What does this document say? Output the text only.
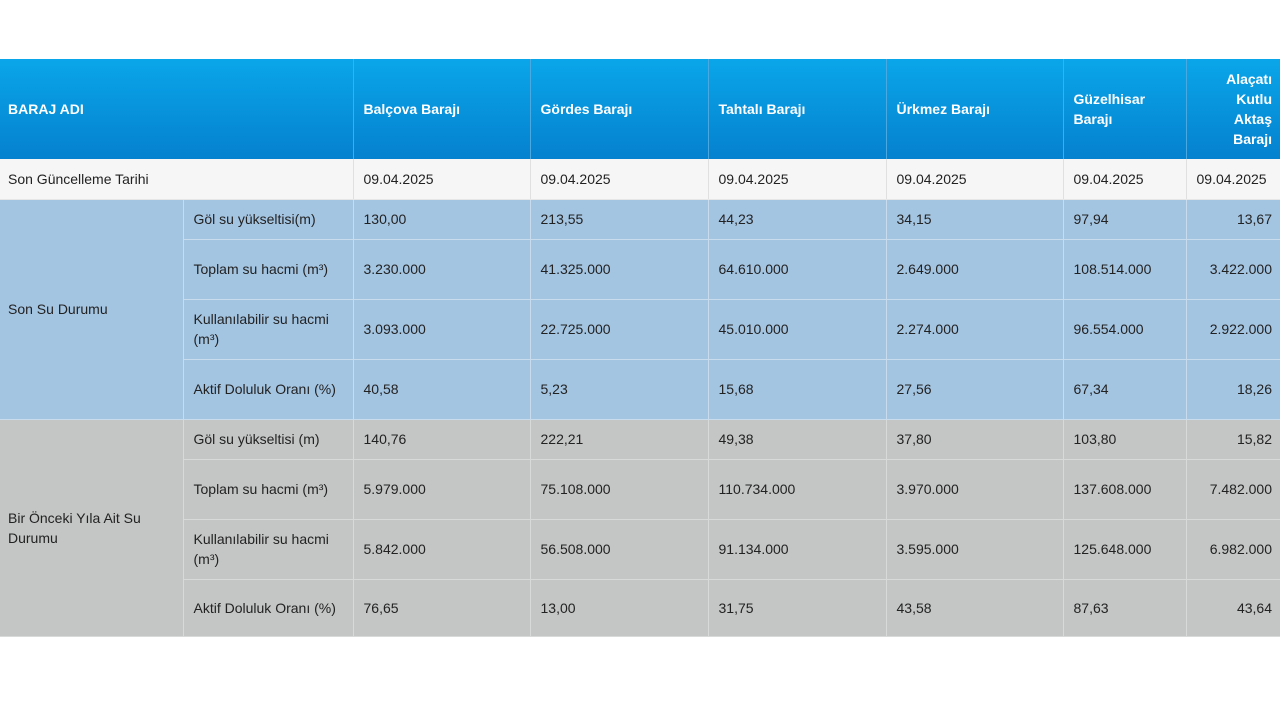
BARAJ ADI		Balçova Barajı	Gördes Barajı	Tahtalı Barajı	Ürkmez Barajı	Güzelhisar Barajı	Alaçatı Kutlu Aktaş Barajı
Son Güncelleme Tarihi		09.04.2025	09.04.2025	09.04.2025	09.04.2025	09.04.2025	09.04.2025
Son Su Durumu	Göl su yükseltisi(m)	130,00	213,55	44,23	34,15	97,94	13,67
	Toplam su hacmi (m³)	3.230.000	41.325.000	64.610.000	2.649.000	108.514.000	3.422.000
	Kullanılabilir su hacmi (m³)	3.093.000	22.725.000	45.010.000	2.274.000	96.554.000	2.922.000
	Aktif Doluluk Oranı (%)	40,58	5,23	15,68	27,56	67,34	18,26
Bir Önceki Yıla Ait Su Durumu	Göl su yükseltisi (m)	140,76	222,21	49,38	37,80	103,80	15,82
	Toplam su hacmi (m³)	5.979.000	75.108.000	110.734.000	3.970.000	137.608.000	7.482.000
	Kullanılabilir su hacmi (m³)	5.842.000	56.508.000	91.134.000	3.595.000	125.648.000	6.982.000
	Aktif Doluluk Oranı (%)	76,65	13,00	31,75	43,58	87,63	43,64
